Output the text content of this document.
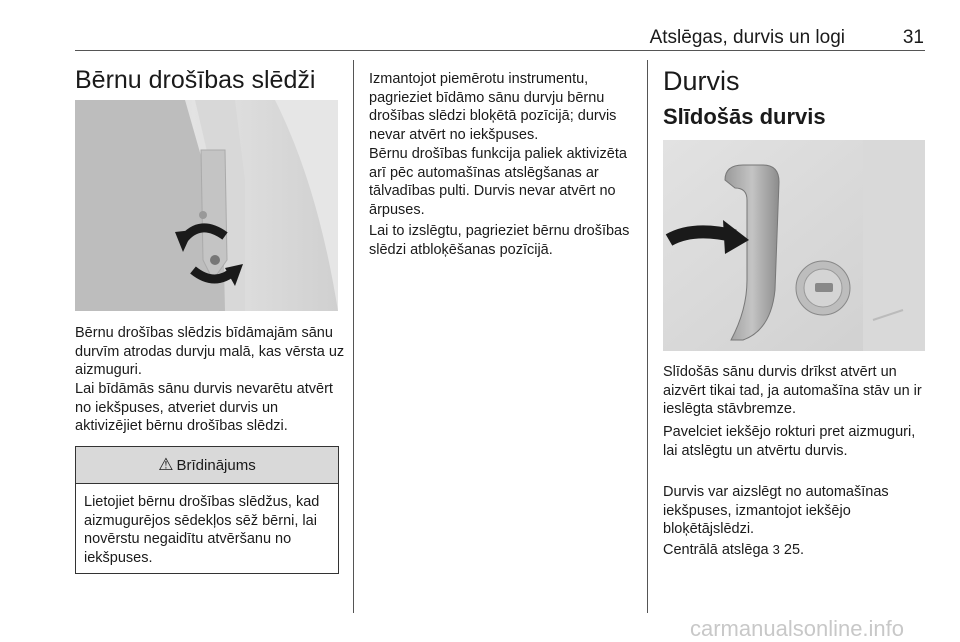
Atslēgas, durvis un logi	31
Bērnu drošības slēdži

Bērnu drošības slēdzis bīdāmajām sānu durvīm atrodas durvju malā, kas vērsta uz aizmuguri.

Lai bīdāmās sānu durvis nevarētu atvērt no iekšpuses, atveriet durvis un aktivizējiet bērnu drošības slēdzi.

⚠ Brīdinājums
Lietojiet bērnu drošības slēdžus, kad aizmugurējos sēdekļos sēž bērni, lai novērstu negaidītu atvēršanu no iekšpuses.

Izmantojot piemērotu instrumentu, pagrieziet bīdāmo sānu durvju bērnu drošības slēdzi bloķētā pozīcijā; durvis nevar atvērt no iekšpuses.

Bērnu drošības funkcija paliek aktivizēta arī pēc automašīnas atslēgšanas ar tālvadības pulti. Durvis nevar atvērt no ārpuses.

Lai to izslēgtu, pagrieziet bērnu drošības slēdzi atbloķēšanas pozīcijā.

Durvis
Slīdošās durvis

Slīdošās sānu durvis drīkst atvērt un aizvērt tikai tad, ja automašīna stāv un ir ieslēgta stāvbremze.

Pavelciet iekšējo rokturi pret aizmuguri, lai atslēgtu un atvērtu durvis.

Durvis var aizslēgt no automašīnas iekšpuses, izmantojot iekšējo bloķētājslēdzi.

Centrālā atslēga 3 25.

carmanualsonline.info
